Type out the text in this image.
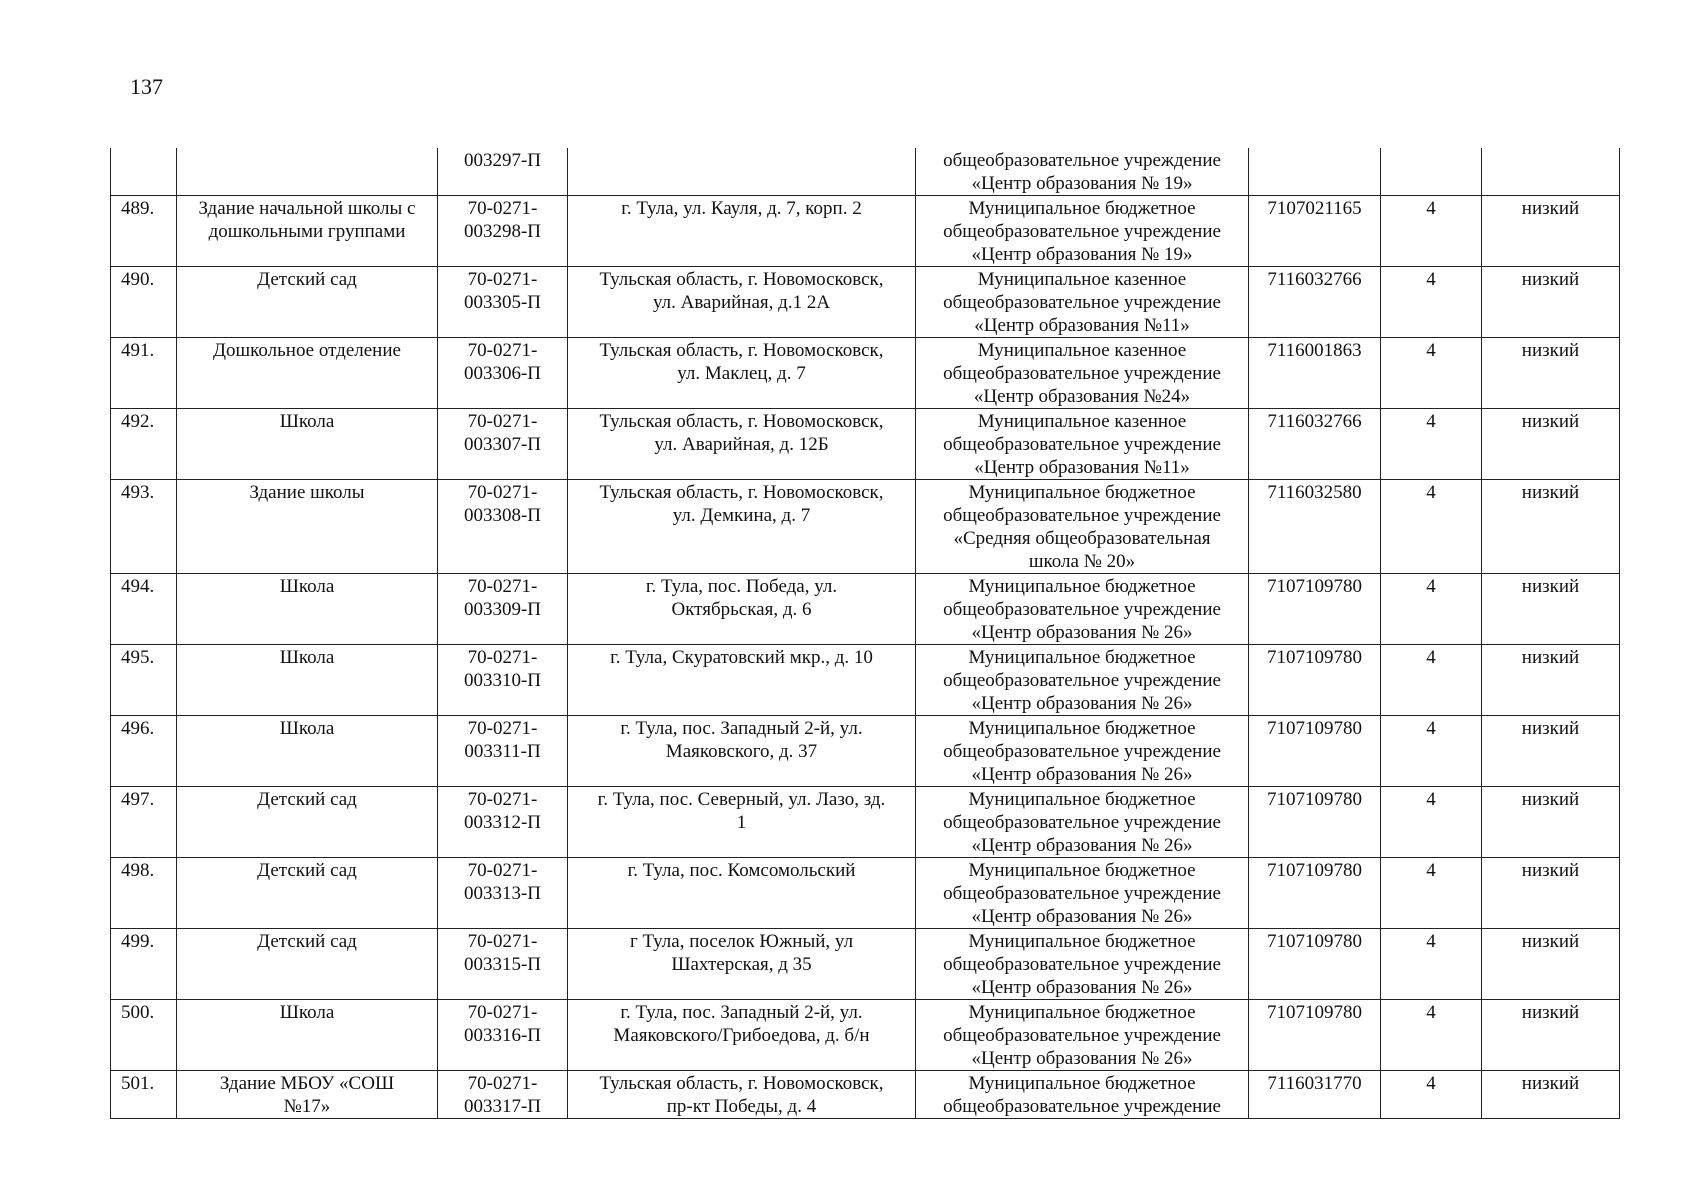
137
		003297-П		общеобразовательное учреждение
«Центр образования № 19»			
489.	Здание начальной школы с
дошкольными группами	70-0271-
003298-П	г. Тула, ул. Кауля, д. 7, корп. 2	Муниципальное бюджетное
общеобразовательное учреждение
«Центр образования № 19»	7107021165	4	низкий
490.	Детский сад	70-0271-
003305-П	Тульская область, г. Новомосковск,
ул. Аварийная, д.1 2А	Муниципальное казенное
общеобразовательное учреждение
«Центр образования №11»	7116032766	4	низкий
491.	Дошкольное отделение	70-0271-
003306-П	Тульская область, г. Новомосковск,
ул. Маклец, д. 7	Муниципальное казенное
общеобразовательное учреждение
«Центр образования №24»	7116001863	4	низкий
492.	Школа	70-0271-
003307-П	Тульская область, г. Новомосковск,
ул. Аварийная, д. 12Б	Муниципальное казенное
общеобразовательное учреждение
«Центр образования №11»	7116032766	4	низкий
493.	Здание школы	70-0271-
003308-П	Тульская область, г. Новомосковск,
ул. Демкина, д. 7	Муниципальное бюджетное
общеобразовательное учреждение
«Средняя общеобразовательная
школа № 20»	7116032580	4	низкий
494.	Школа	70-0271-
003309-П	г. Тула, пос. Победа, ул.
Октябрьская, д. 6	Муниципальное бюджетное
общеобразовательное учреждение
«Центр образования № 26»	7107109780	4	низкий
495.	Школа	70-0271-
003310-П	г. Тула, Скуратовский мкр., д. 10	Муниципальное бюджетное
общеобразовательное учреждение
«Центр образования № 26»	7107109780	4	низкий
496.	Школа	70-0271-
003311-П	г. Тула, пос. Западный 2-й, ул.
Маяковского, д. 37	Муниципальное бюджетное
общеобразовательное учреждение
«Центр образования № 26»	7107109780	4	низкий
497.	Детский сад	70-0271-
003312-П	г. Тула, пос. Северный, ул. Лазо, зд.
1	Муниципальное бюджетное
общеобразовательное учреждение
«Центр образования № 26»	7107109780	4	низкий
498.	Детский сад	70-0271-
003313-П	г. Тула, пос. Комсомольский	Муниципальное бюджетное
общеобразовательное учреждение
«Центр образования № 26»	7107109780	4	низкий
499.	Детский сад	70-0271-
003315-П	г Тула, поселок Южный, ул
Шахтерская, д 35	Муниципальное бюджетное
общеобразовательное учреждение
«Центр образования № 26»	7107109780	4	низкий
500.	Школа	70-0271-
003316-П	г. Тула, пос. Западный 2-й, ул.
Маяковского/Грибоедова, д. б/н	Муниципальное бюджетное
общеобразовательное учреждение
«Центр образования № 26»	7107109780	4	низкий
501.	Здание МБОУ «СОШ
№17»	70-0271-
003317-П	Тульская область, г. Новомосковск,
пр-кт Победы, д. 4	Муниципальное бюджетное
общеобразовательное учреждение	7116031770	4	низкий
